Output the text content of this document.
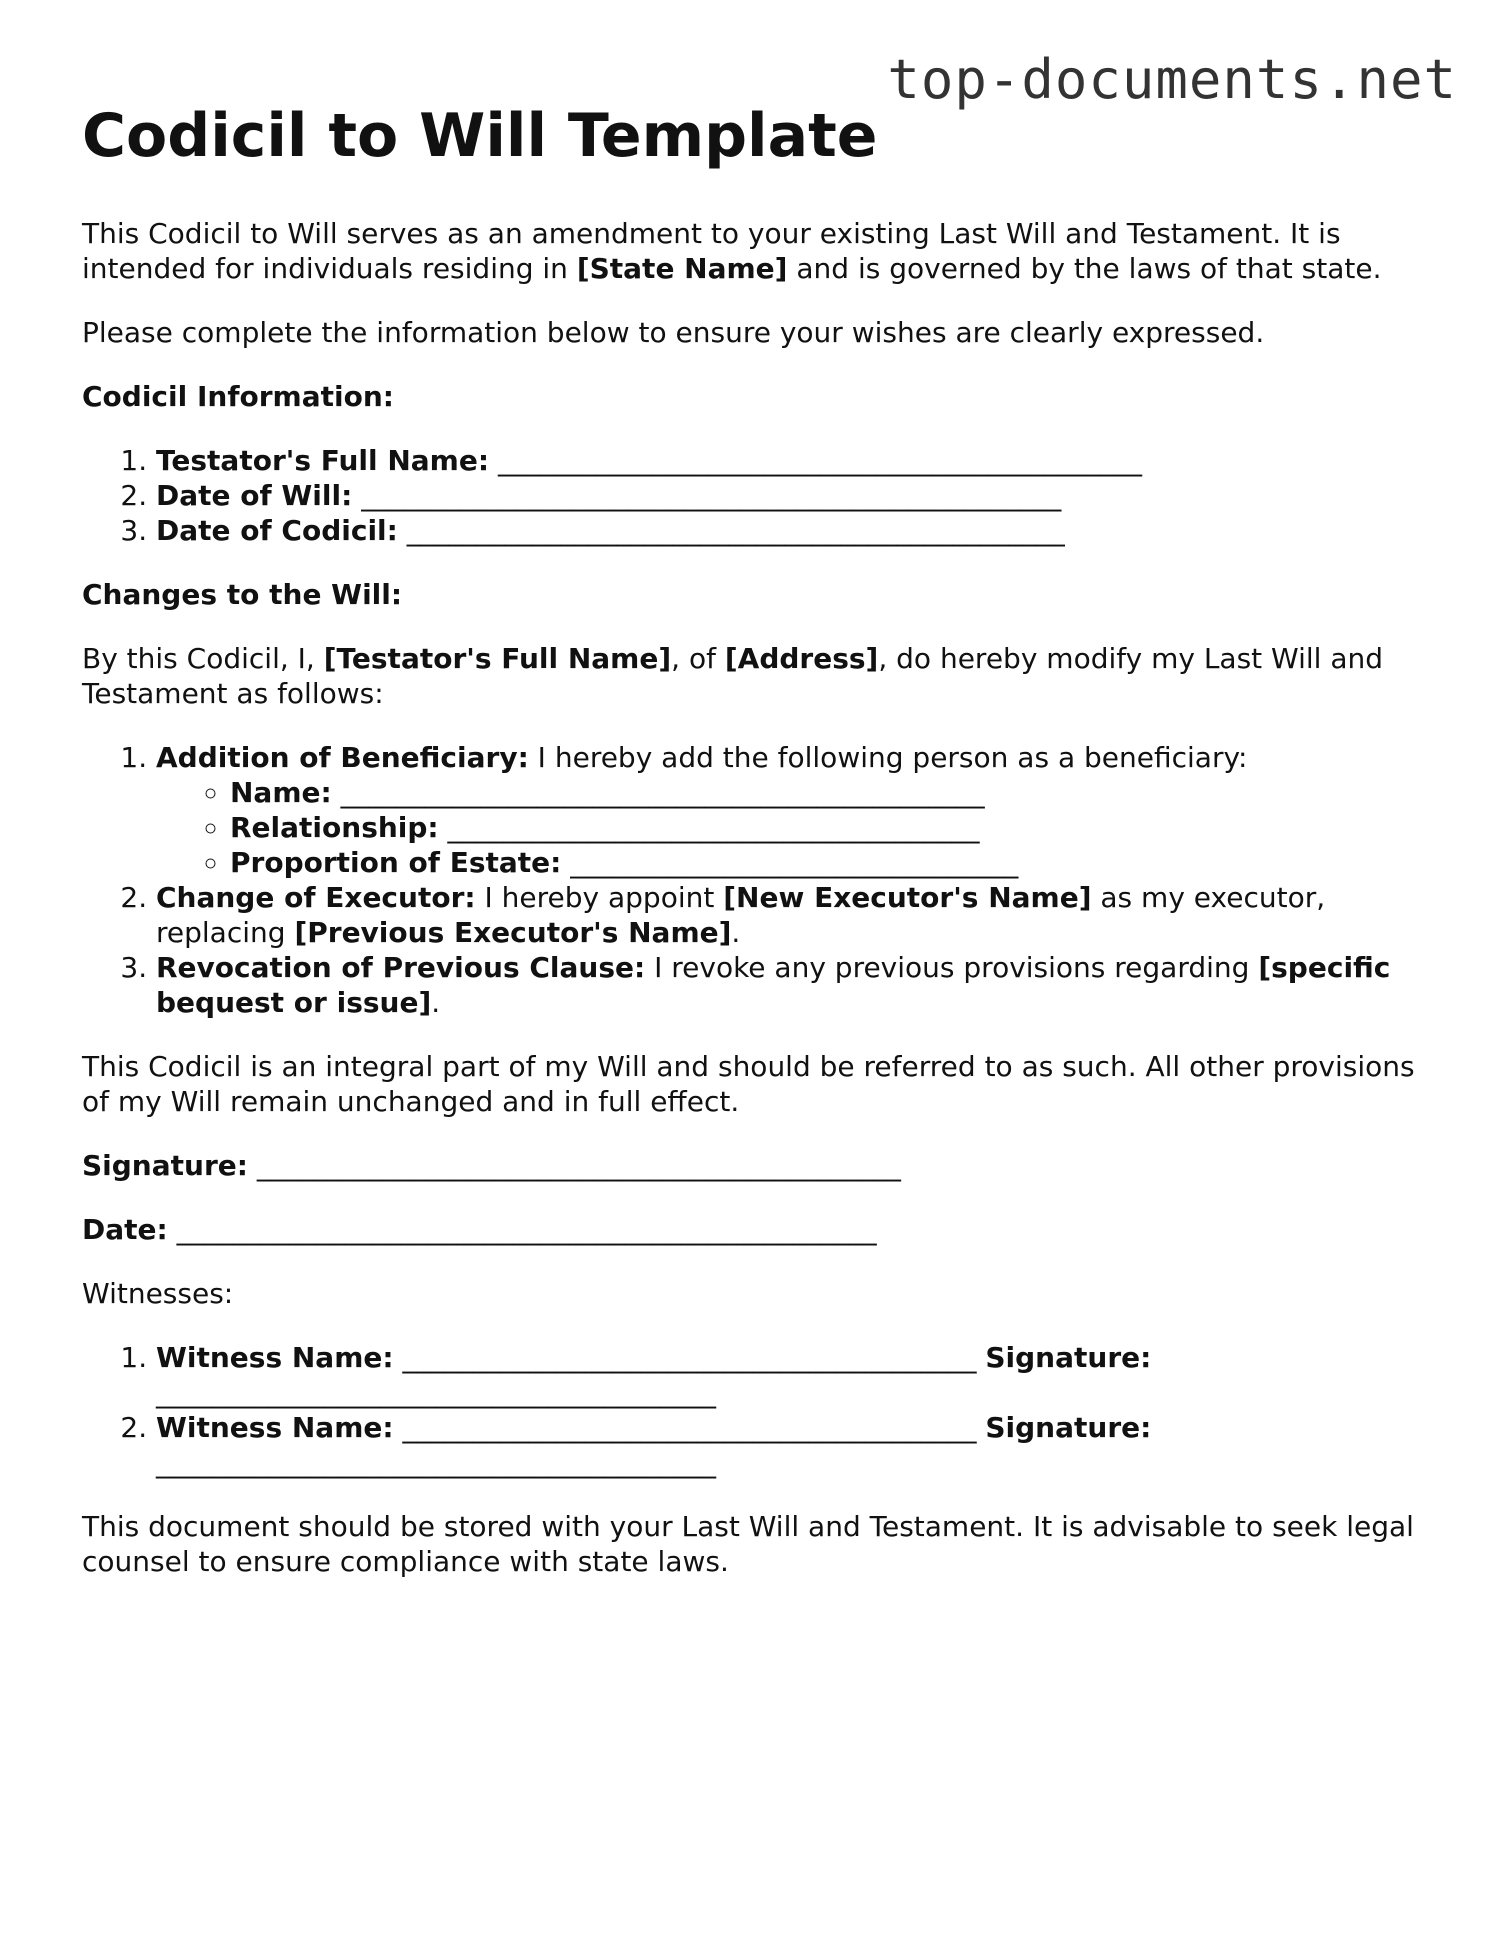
top-documents.net
Codicil to Will Template

This Codicil to Will serves as an amendment to your existing Last Will and Testament. It is intended for individuals residing in [State Name] and is governed by the laws of that state.

Please complete the information below to ensure your wishes are clearly expressed.

Codicil Information:
1. Testator's Full Name: ______________________________________________
2. Date of Will: __________________________________________________
3. Date of Codicil: _______________________________________________
Changes to the Will:

By this Codicil, I, [Testator's Full Name], of [Address], do hereby modify my Last Will and Testament as follows:

1. Addition of Beneficiary: I hereby add the following person as a beneficiary:
◦ Name: ______________________________________________
◦ Relationship: ______________________________________
◦ Proportion of Estate: ________________________________
2. Change of Executor: I hereby appoint [New Executor's Name] as my executor, replacing [Previous Executor's Name].
3. Revocation of Previous Clause: I revoke any previous provisions regarding [specific bequest or issue].

This Codicil is an integral part of my Will and should be referred to as such. All other provisions of my Will remain unchanged and in full effect.

Signature: ______________________________________________

Date: __________________________________________________

Witnesses:

1. Witness Name: _________________________________________ Signature: ________________________________________
2. Witness Name: _________________________________________ Signature: ________________________________________

This document should be stored with your Last Will and Testament. It is advisable to seek legal counsel to ensure compliance with state laws.
